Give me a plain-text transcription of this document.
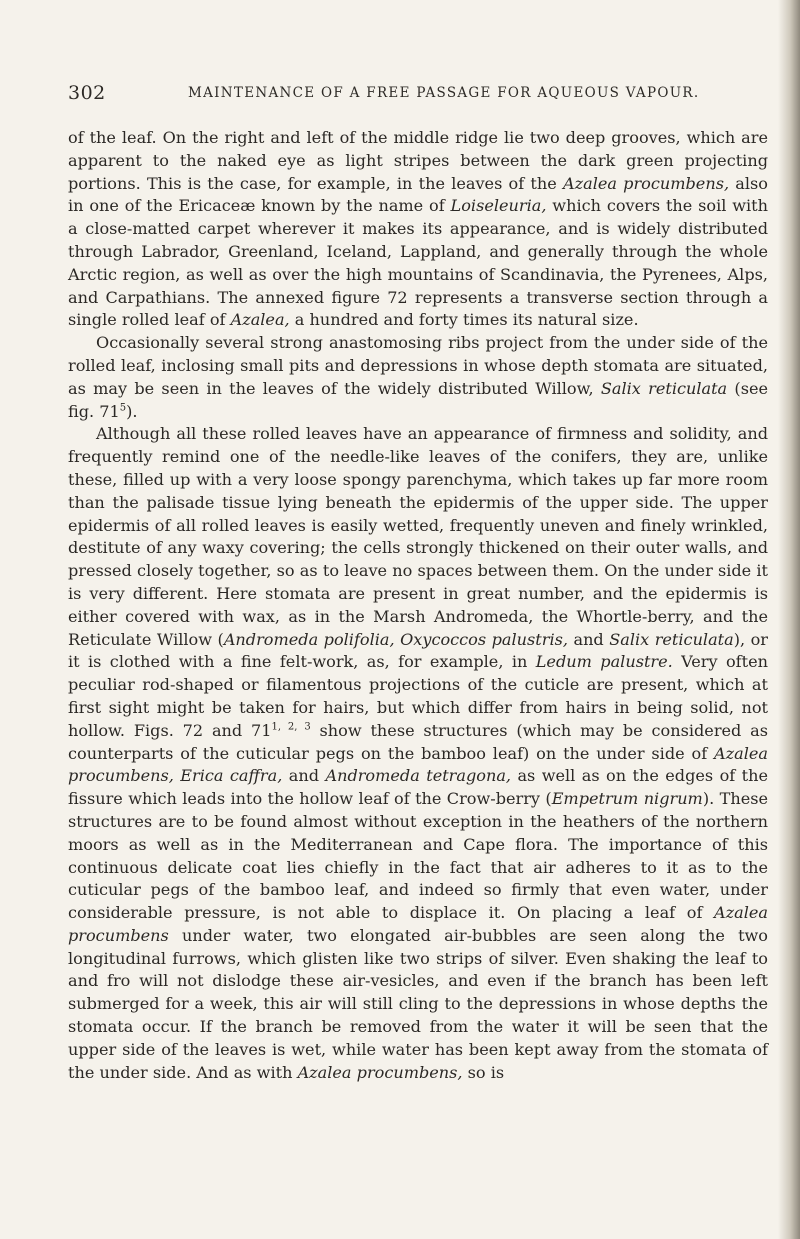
302	MAINTENANCE OF A FREE PASSAGE FOR AQUEOUS VAPOUR.

of the leaf. On the right and left of the middle ridge lie two deep grooves, which are apparent to the naked eye as light stripes between the dark green projecting portions. This is the case, for example, in the leaves of the Azalea procumbens, also in one of the Ericaceæ known by the name of Loiseleuria, which covers the soil with a close-matted carpet wherever it makes its appearance, and is widely distributed through Labrador, Greenland, Iceland, Lappland, and generally through the whole Arctic region, as well as over the high mountains of Scandinavia, the Pyrenees, Alps, and Carpathians. The annexed figure 72 represents a transverse section through a single rolled leaf of Azalea, a hundred and forty times its natural size.

Occasionally several strong anastomosing ribs project from the under side of the rolled leaf, inclosing small pits and depressions in whose depth stomata are situated, as may be seen in the leaves of the widely distributed Willow, Salix reticulata (see fig. $71^5$).

Although all these rolled leaves have an appearance of firmness and solidity, and frequently remind one of the needle-like leaves of the conifers, they are, unlike these, filled up with a very loose spongy parenchyma, which takes up far more room than the palisade tissue lying beneath the epidermis of the upper side. The upper epidermis of all rolled leaves is easily wetted, frequently uneven and finely wrinkled, destitute of any waxy covering; the cells strongly thickened on their outer walls, and pressed closely together, so as to leave no spaces between them. On the under side it is very different. Here stomata are present in great number, and the epidermis is either covered with wax, as in the Marsh Andromeda, the Whortle-berry, and the Reticulate Willow (Andromeda polifolia, Oxycoccos palustris, and Salix reticulata), or it is clothed with a fine felt-work, as, for example, in Ledum palustre. Very often peculiar rod-shaped or filamentous projections of the cuticle are present, which at first sight might be taken for hairs, but which differ from hairs in being solid, not hollow. Figs. 72 and 71$^{1, 2, 3}$ show these structures (which may be considered as counterparts of the cuticular pegs on the bamboo leaf) on the under side of Azalea procumbens, Erica caffra, and Andromeda tetragona, as well as on the edges of the fissure which leads into the hollow leaf of the Crow-berry (Empetrum nigrum). These structures are to be found almost without exception in the heathers of the northern moors as well as in the Mediterranean and Cape flora. The importance of this continuous delicate coat lies chiefly in the fact that air adheres to it as to the cuticular pegs of the bamboo leaf, and indeed so firmly that even water, under considerable pressure, is not able to displace it. On placing a leaf of Azalea procumbens under water, two elongated air-bubbles are seen along the two longitudinal furrows, which glisten like two strips of silver. Even shaking the leaf to and fro will not dislodge these air-vesicles, and even if the branch has been left submerged for a week, this air will still cling to the depressions in whose depths the stomata occur. If the branch be removed from the water it will be seen that the upper side of the leaves is wet, while water has been kept away from the stomata of the under side. And as with Azalea procumbens, so is
